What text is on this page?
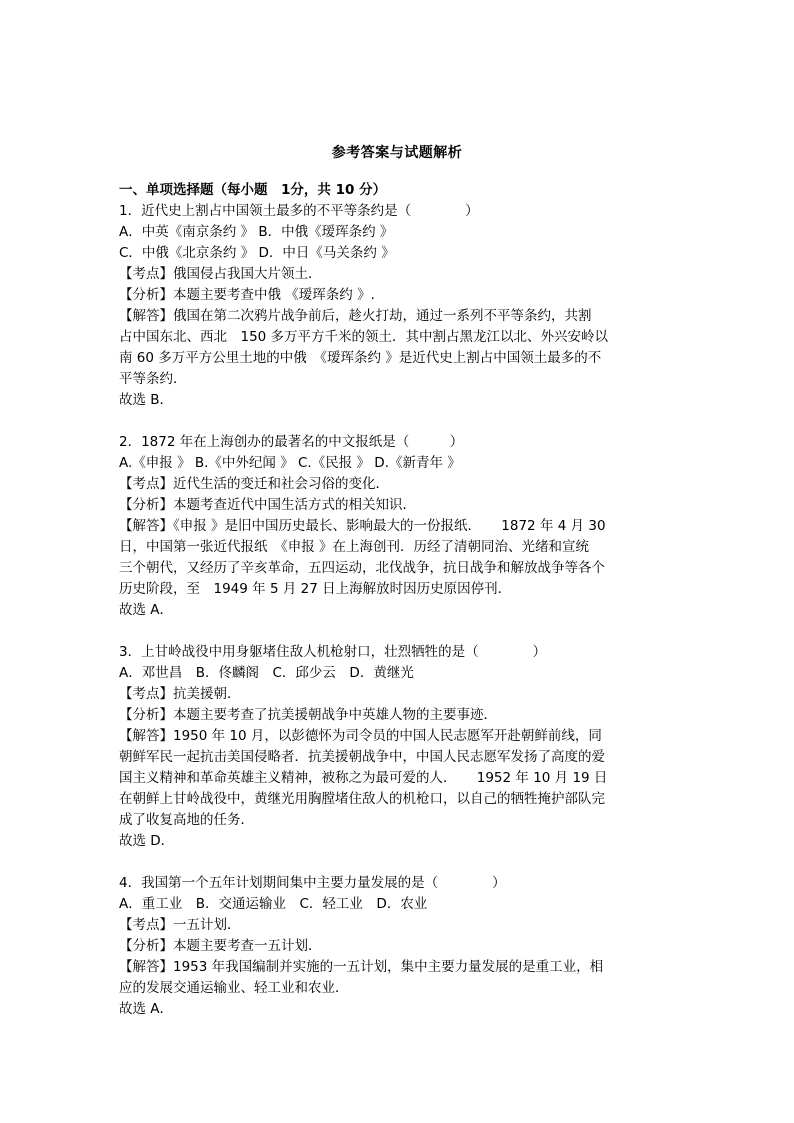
参考答案与试题解析
一、单项选择题（每小题　1分，共 10 分）
1．近代史上割占中国领土最多的不平等条约是（　　　　）
A．中英《南京条约 》 B．中俄《瑷珲条约 》
C．中俄《北京条约 》 D．中日《马关条约 》
【考点】俄国侵占我国大片领土．
【分析】本题主要考查中俄 《瑷珲条约 》.
【解答】俄国在第二次鸦片战争前后，趁火打劫，通过一系列不平等条约，共割
占中国东北、西北　150 多万平方千米的领土．其中割占黑龙江以北、外兴安岭以
南 60 多万平方公里土地的中俄　《瑷珲条约 》是近代史上割占中国领土最多的不
平等条约．
故选 B．
2．1872 年在上海创办的最著名的中文报纸是（　　　）
A.《申报 》 B.《中外纪闻 》 C.《民报 》 D.《新青年 》
【考点】近代生活的变迁和社会习俗的变化．
【分析】本题考查近代中国生活方式的相关知识．
【解答】《申报 》是旧中国历史最长、影响最大的一份报纸．　　1872 年 4 月 30
日，中国第一张近代报纸　《申报 》在上海创刊．历经了清朝同治、光绪和宣统
三个朝代，又经历了辛亥革命，五四运动，北伐战争，抗日战争和解放战争等各个
历史阶段，至　1949 年 5 月 27 日上海解放时因历史原因停刊．
故选 A．
3．上甘岭战役中用身躯堵住敌人机枪射口，壮烈牺牲的是（　　　　）
A．邓世昌　B．佟麟阁　C．邱少云　D．黄继光
【考点】抗美援朝．
【分析】本题主要考查了抗美援朝战争中英雄人物的主要事迹．
【解答】1950 年 10 月，以彭德怀为司令员的中国人民志愿军开赴朝鲜前线，同
朝鲜军民一起抗击美国侵略者．抗美援朝战争中，中国人民志愿军发扬了高度的爱
国主义精神和革命英雄主义精神，被称之为最可爱的人．　　1952 年 10 月 19 日
在朝鲜上甘岭战役中，黄继光用胸膛堵住敌人的机枪口，以自己的牺牲掩护部队完
成了收复高地的任务．
故选 D．
4．我国第一个五年计划期间集中主要力量发展的是（　　　　）
A．重工业　B．交通运输业　C．轻工业　D．农业
【考点】一五计划．
【分析】本题主要考查一五计划．
【解答】1953 年我国编制并实施的一五计划，集中主要力量发展的是重工业，相
应的发展交通运输业、轻工业和农业．
故选 A．
